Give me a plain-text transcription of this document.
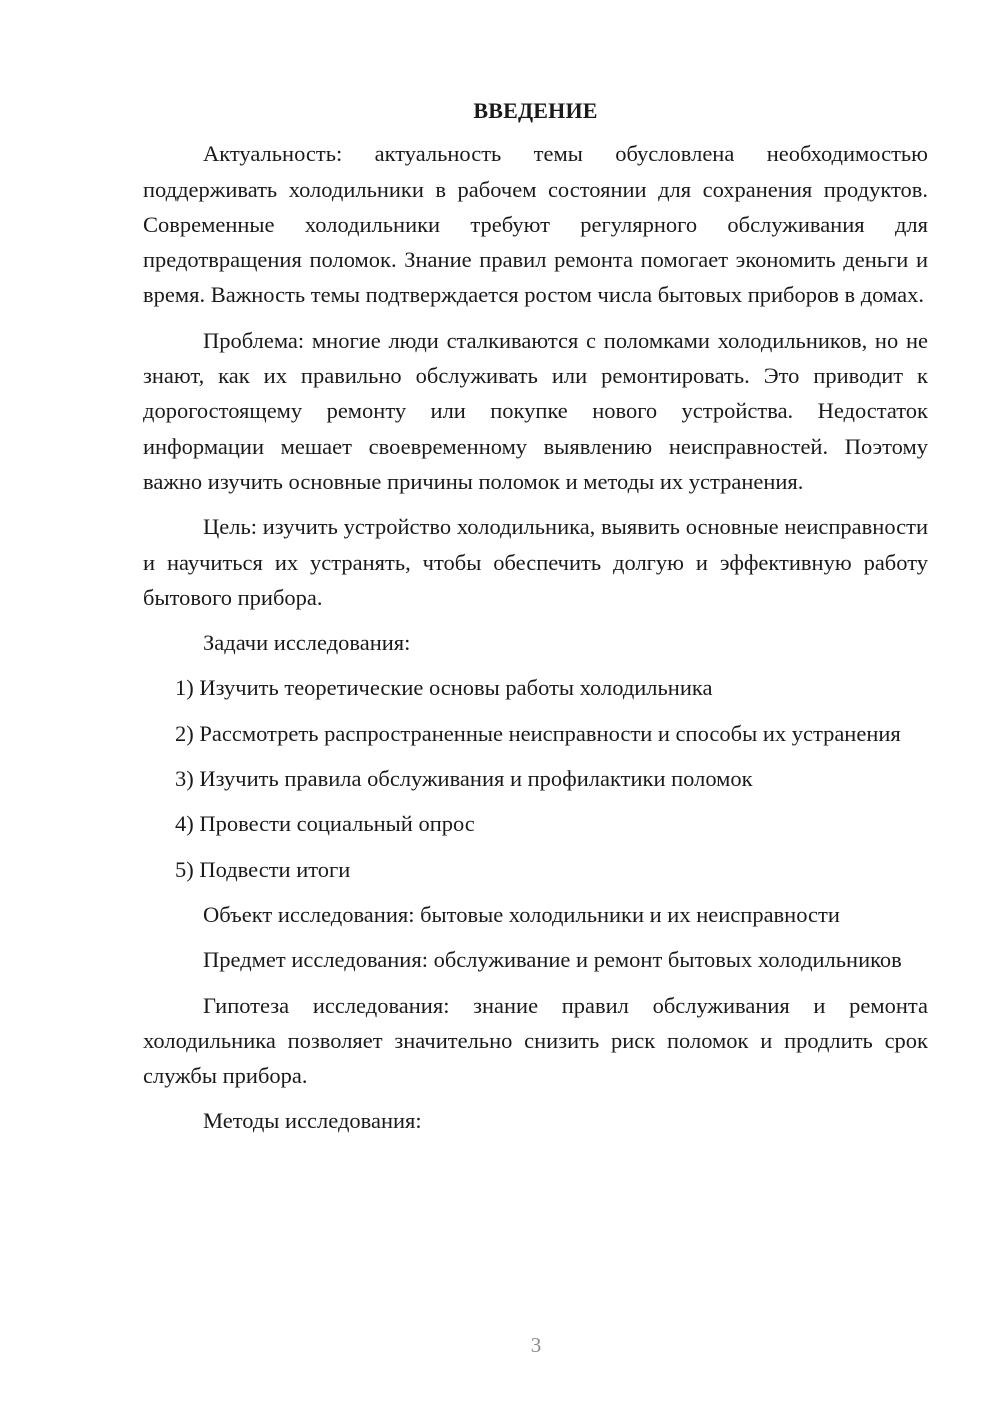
ВВЕДЕНИЕ

Актуальность: актуальность темы обусловлена необходимостью поддерживать холодильники в рабочем состоянии для сохранения продуктов. Современные холодильники требуют регулярного обслуживания для предотвращения поломок. Знание правил ремонта помогает экономить деньги и время. Важность темы подтверждается ростом числа бытовых приборов в домах.

Проблема: многие люди сталкиваются с поломками холодильников, но не знают, как их правильно обслуживать или ремонтировать. Это приводит к дорогостоящему ремонту или покупке нового устройства. Недостаток информации мешает своевременному выявлению неисправностей. Поэтому важно изучить основные причины поломок и методы их устранения.

Цель: изучить устройство холодильника, выявить основные неисправности и научиться их устранять, чтобы обеспечить долгую и эффективную работу бытового прибора.

Задачи исследования:

1) Изучить теоретические основы работы холодильника

2) Рассмотреть распространенные неисправности и способы их устранения

3) Изучить правила обслуживания и профилактики поломок

4) Провести социальный опрос

5) Подвести итоги

Объект исследования: бытовые холодильники и их неисправности

Предмет исследования: обслуживание и ремонт бытовых холодильников

Гипотеза исследования: знание правил обслуживания и ремонта холодильника позволяет значительно снизить риск поломок и продлить срок службы прибора.

Методы исследования:

3
